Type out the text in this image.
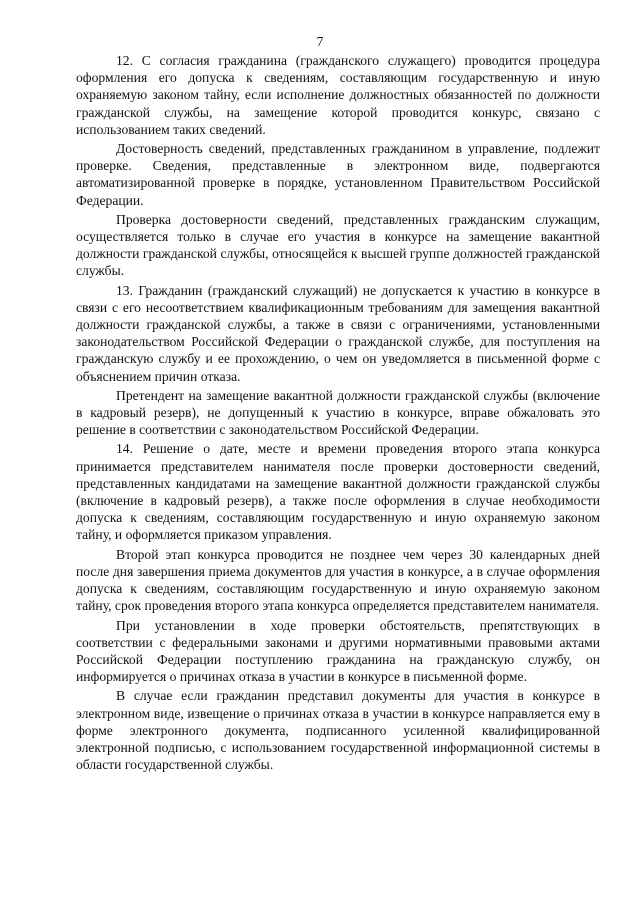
7

12. С согласия гражданина (гражданского служащего) проводится процедура оформления его допуска к сведениям, составляющим государственную и иную охраняемую законом тайну, если исполнение должностных обязанностей по должности гражданской службы, на замещение которой проводится конкурс, связано с использованием таких сведений.

Достоверность сведений, представленных гражданином в управление, подлежит проверке. Сведения, представленные в электронном виде, подвергаются автоматизированной проверке в порядке, установленном Правительством Российской Федерации.

Проверка достоверности сведений, представленных гражданским служащим, осуществляется только в случае его участия в конкурсе на замещение вакантной должности гражданской службы, относящейся к высшей группе должностей гражданской службы.

13. Гражданин (гражданский служащий) не допускается к участию в конкурсе в связи с его несоответствием квалификационным требованиям для замещения вакантной должности гражданской службы, а также в связи с ограничениями, установленными законодательством Российской Федерации о гражданской службе, для поступления на гражданскую службу и ее прохождению, о чем он уведомляется в письменной форме с объяснением причин отказа.

Претендент на замещение вакантной должности гражданской службы (включение в кадровый резерв), не допущенный к участию в конкурсе, вправе обжаловать это решение в соответствии с законодательством Российской Федерации.

14. Решение о дате, месте и времени проведения второго этапа конкурса принимается представителем нанимателя после проверки достоверности сведений, представленных кандидатами на замещение вакантной должности гражданской службы (включение в кадровый резерв), а также после оформления в случае необходимости допуска к сведениям, составляющим государственную и иную охраняемую законом тайну, и оформляется приказом управления.

Второй этап конкурса проводится не позднее чем через 30 календарных дней после дня завершения приема документов для участия в конкурсе, а в случае оформления допуска к сведениям, составляющим государственную и иную охраняемую законом тайну, срок проведения второго этапа конкурса определяется представителем нанимателя.

При установлении в ходе проверки обстоятельств, препятствующих в соответствии с федеральными законами и другими нормативными правовыми актами Российской Федерации поступлению гражданина на гражданскую службу, он информируется о причинах отказа в участии в конкурсе в письменной форме.

В случае если гражданин представил документы для участия в конкурсе в электронном виде, извещение о причинах отказа в участии в конкурсе направляется ему в форме электронного документа, подписанного усиленной квалифицированной электронной подписью, с использованием государственной информационной системы в области государственной службы.
